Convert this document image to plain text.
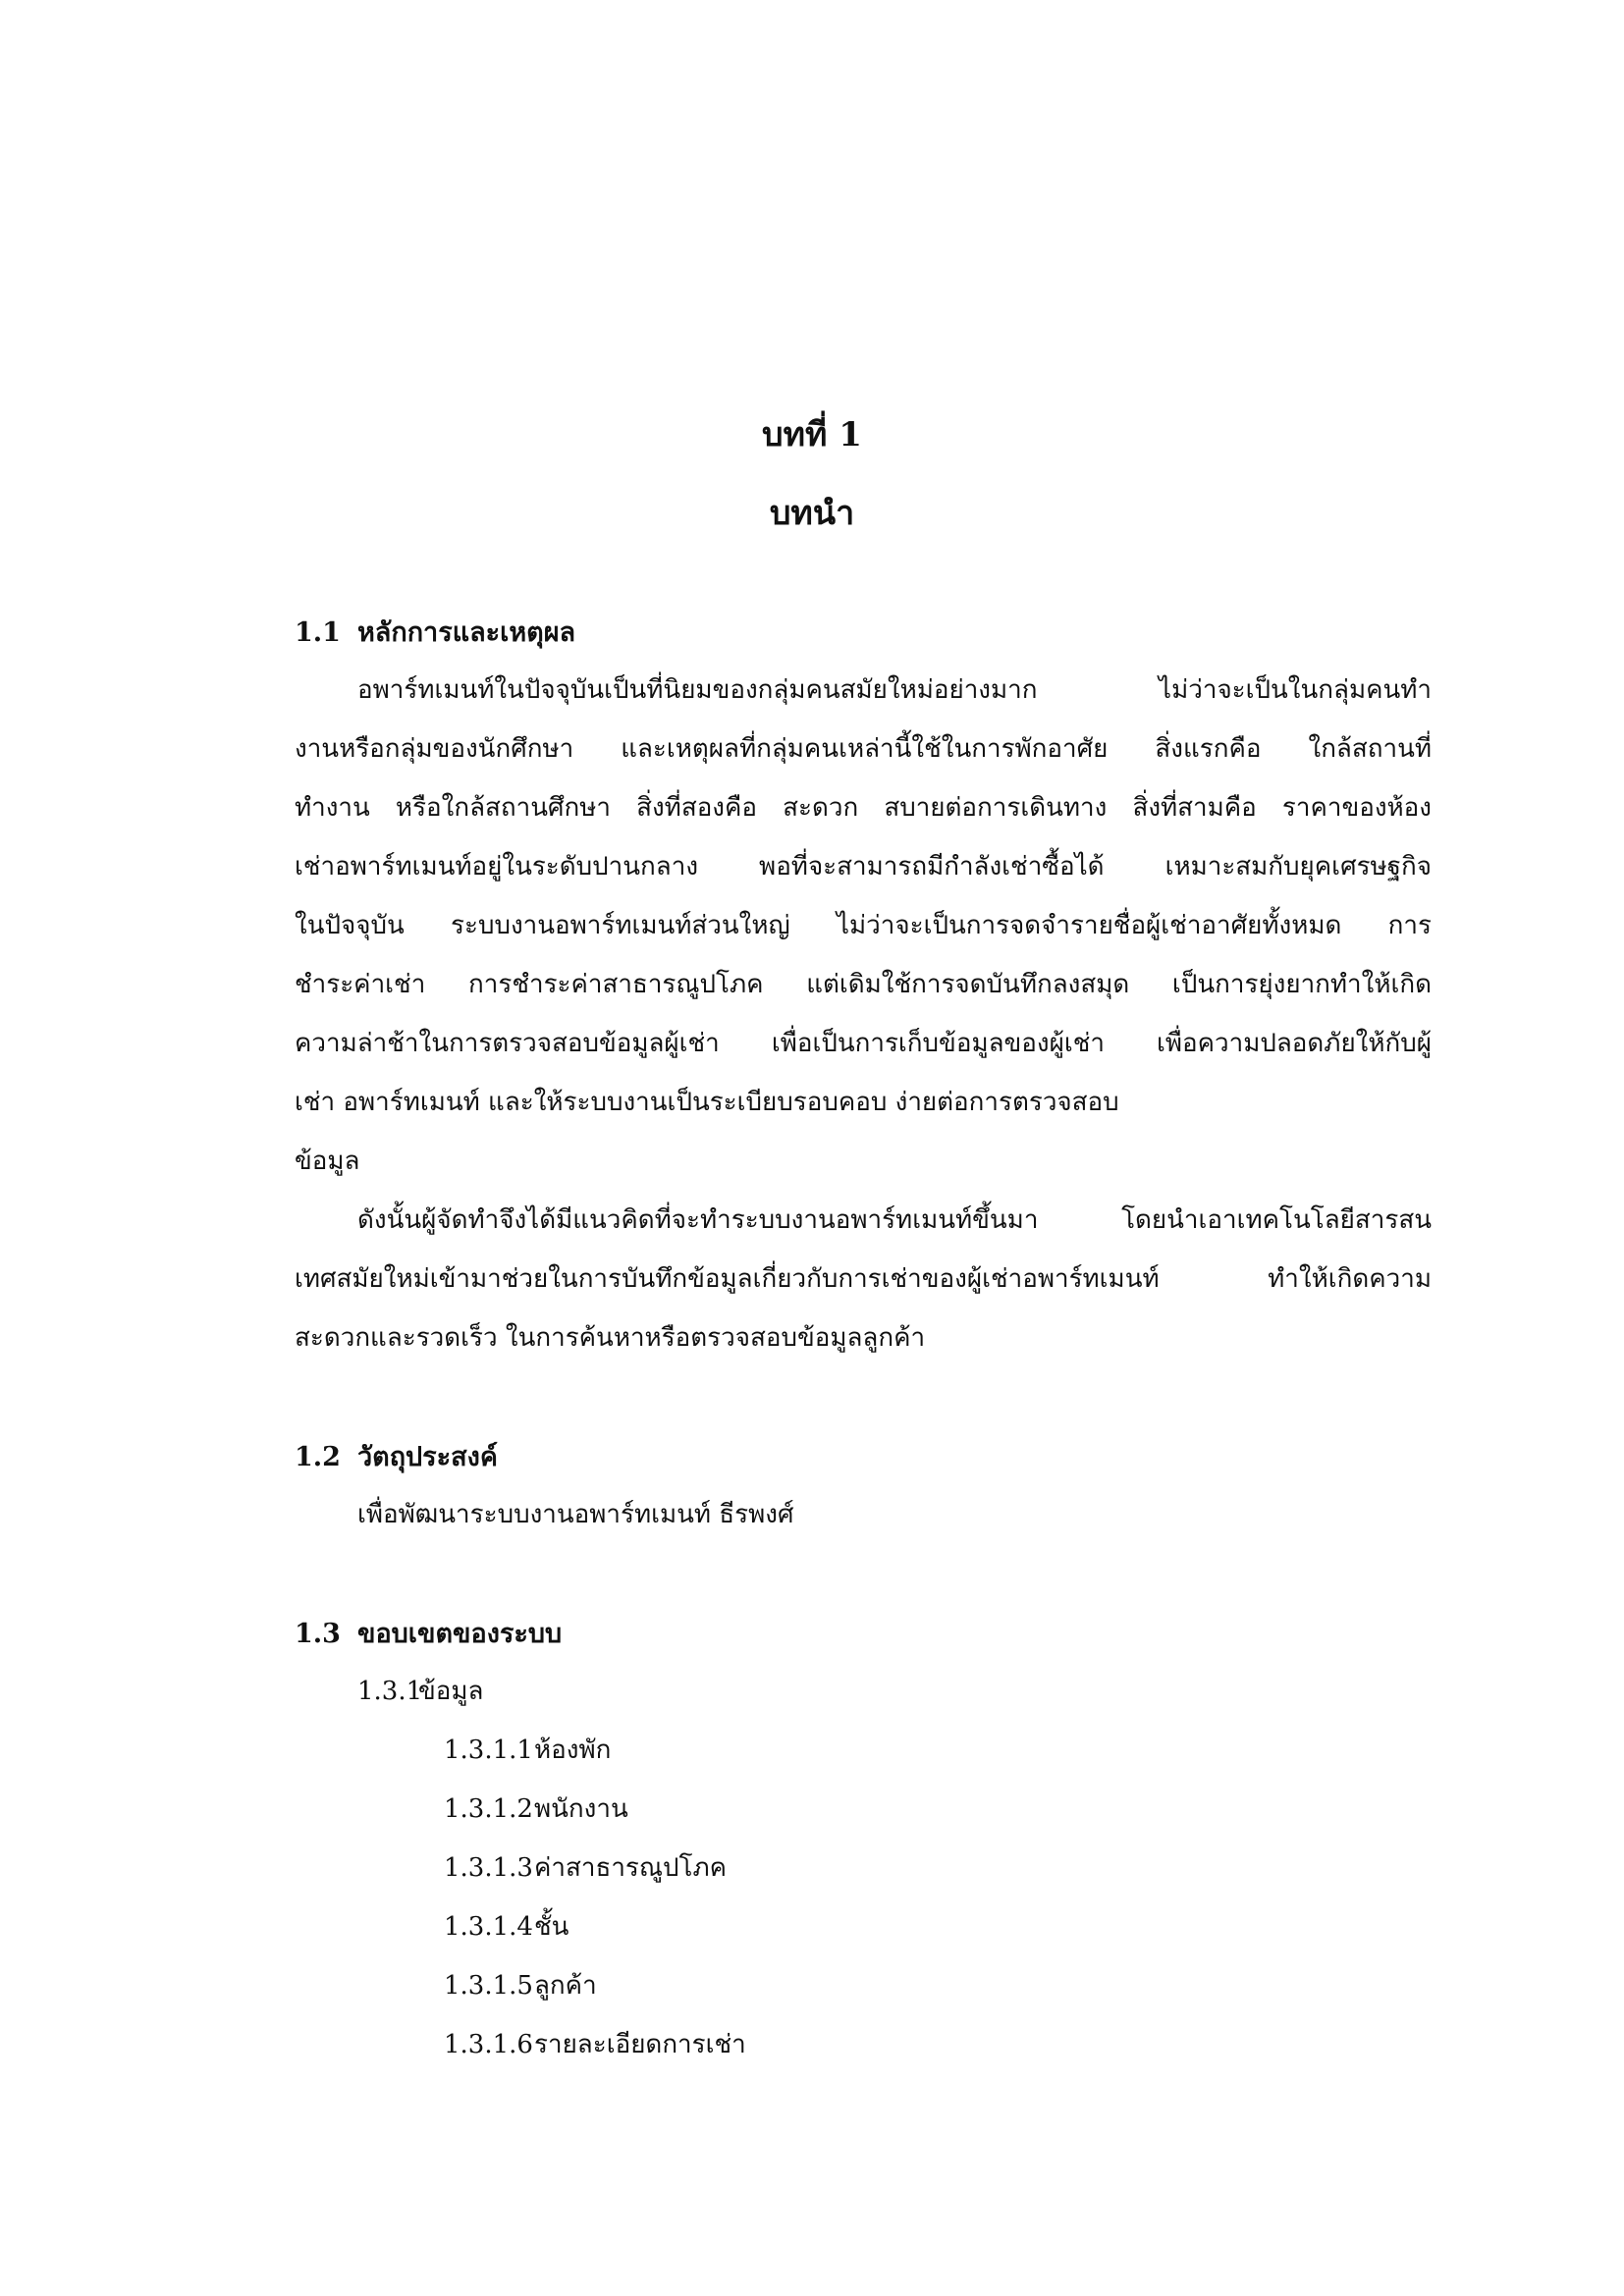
บทที่ 1
บทนำ
1.1 หลักการและเหตุผล
อพาร์ทเมนท์ในปัจจุบันเป็นที่นิยมของกลุ่มคนสมัยใหม่อย่างมาก ไม่ว่าจะเป็นในกลุ่มคนทำ
งานหรือกลุ่มของนักศึกษา และเหตุผลที่กลุ่มคนเหล่านี้ใช้ในการพักอาศัย สิ่งแรกคือ ใกล้สถานที่
ทำงาน หรือใกล้สถานศึกษา สิ่งที่สองคือ สะดวก สบายต่อการเดินทาง สิ่งที่สามคือ ราคาของห้อง
เช่าอพาร์ทเมนท์อยู่ในระดับปานกลาง พอที่จะสามารถมีกำลังเช่าซื้อได้ เหมาะสมกับยุคเศรษฐกิจ
ในปัจจุบัน ระบบงานอพาร์ทเมนท์ส่วนใหญ่ ไม่ว่าจะเป็นการจดจำรายชื่อผู้เช่าอาศัยทั้งหมด การ
ชำระค่าเช่า การชำระค่าสาธารณูปโภค แต่เดิมใช้การจดบันทึกลงสมุด เป็นการยุ่งยากทำให้เกิด
ความล่าช้าในการตรวจสอบข้อมูลผู้เช่า เพื่อเป็นการเก็บข้อมูลของผู้เช่า เพื่อความปลอดภัยให้กับผู้
เช่า อพาร์ทเมนท์ และให้ระบบงานเป็นระเบียบรอบคอบ ง่ายต่อการตรวจสอบ
ข้อมูล
ดังนั้นผู้จัดทำจึงได้มีแนวคิดที่จะทำระบบงานอพาร์ทเมนท์ขึ้นมา โดยนำเอาเทคโนโลยีสารสน
เทศสมัยใหม่เข้ามาช่วยในการบันทึกข้อมูลเกี่ยวกับการเช่าของผู้เช่าอพาร์ทเมนท์ ทำให้เกิดความ
สะดวกและรวดเร็ว ในการค้นหาหรือตรวจสอบข้อมูลลูกค้า
1.2 วัตถุประสงค์
เพื่อพัฒนาระบบงานอพาร์ทเมนท์ ธีรพงศ์
1.3 ขอบเขตของระบบ
1.3.1ข้อมูล
1.3.1.1ห้องพัก
1.3.1.2พนักงาน
1.3.1.3ค่าสาธารณูปโภค
1.3.1.4ชั้น
1.3.1.5ลูกค้า
1.3.1.6รายละเอียดการเช่า
